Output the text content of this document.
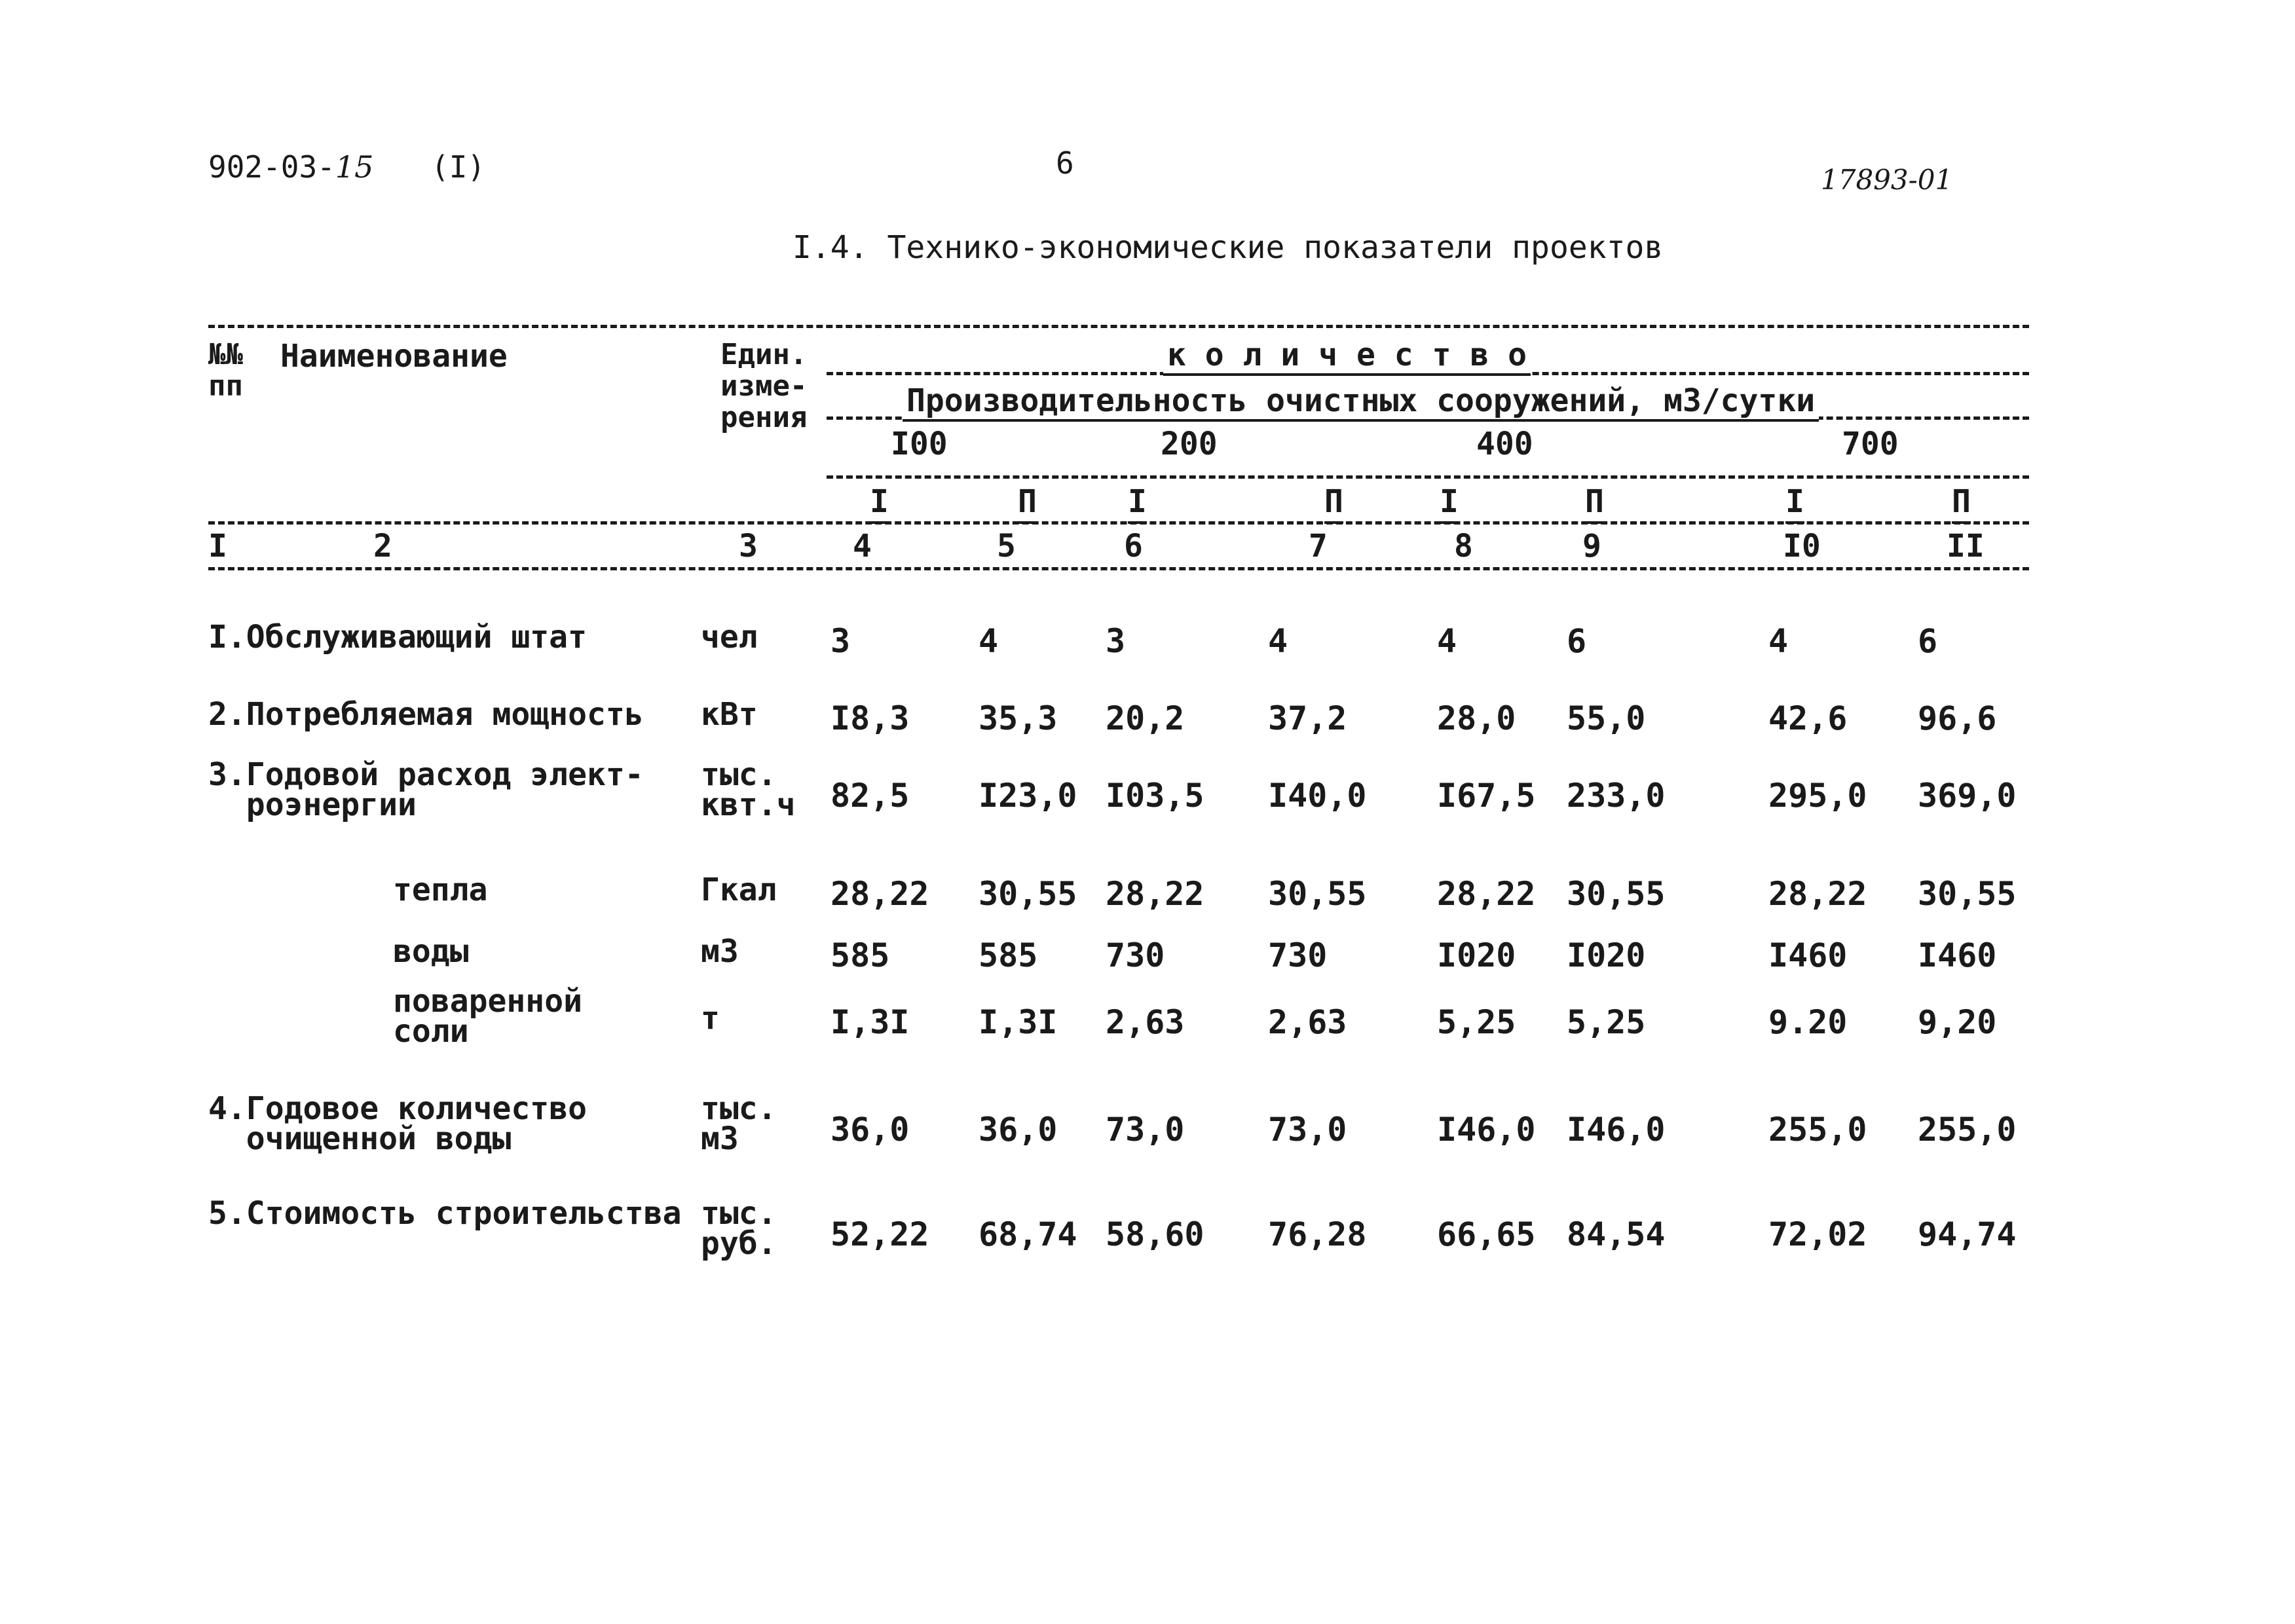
902-03-15 (I)	6	17893-01
I.4. Технико-экономические показатели проектов
№№
пп
Наименование	Един.
изме-
рения
к о л и ч е с т в о
Производительность очистных сооружений, м3/сутки
I00	200	400	700
I	П	I	П	I	П	I	П
I	2	3	4	5	6	7	8	9	I0	II
I.Обслуживающий штат	чел 3	4	3	4	4	6	4	6
2.Потребляемая мощность кВт I8,3 35,3 20,2	37,2	28,0 55,0	42,6 96,6
3.Годовой расход элект-
роэнергии
тыс.
квт.ч 82,5 I23,0 I03,5 I40,0 I67,5 233,0	295,0 369,0
тепла	Гкал 28,22 30,55 28,22 30,55 28,22 30,55	28,22 30,55
воды	м3	585	585 730	730	I020 I020	I460 I460
поваренной
соли	т	I,3I I,3I 2,63	2,63	5,25 5,25	9.20 9,20
4.Годовое количество
очищенной воды
тыс.
м3	36,0 36,0 73,0	73,0	I46,0 I46,0	255,0 255,0
5.Стоимость строительства тыс.
руб. 52,22 68,74 58,60 76,28 66,65 84,54	72,02 94,74
